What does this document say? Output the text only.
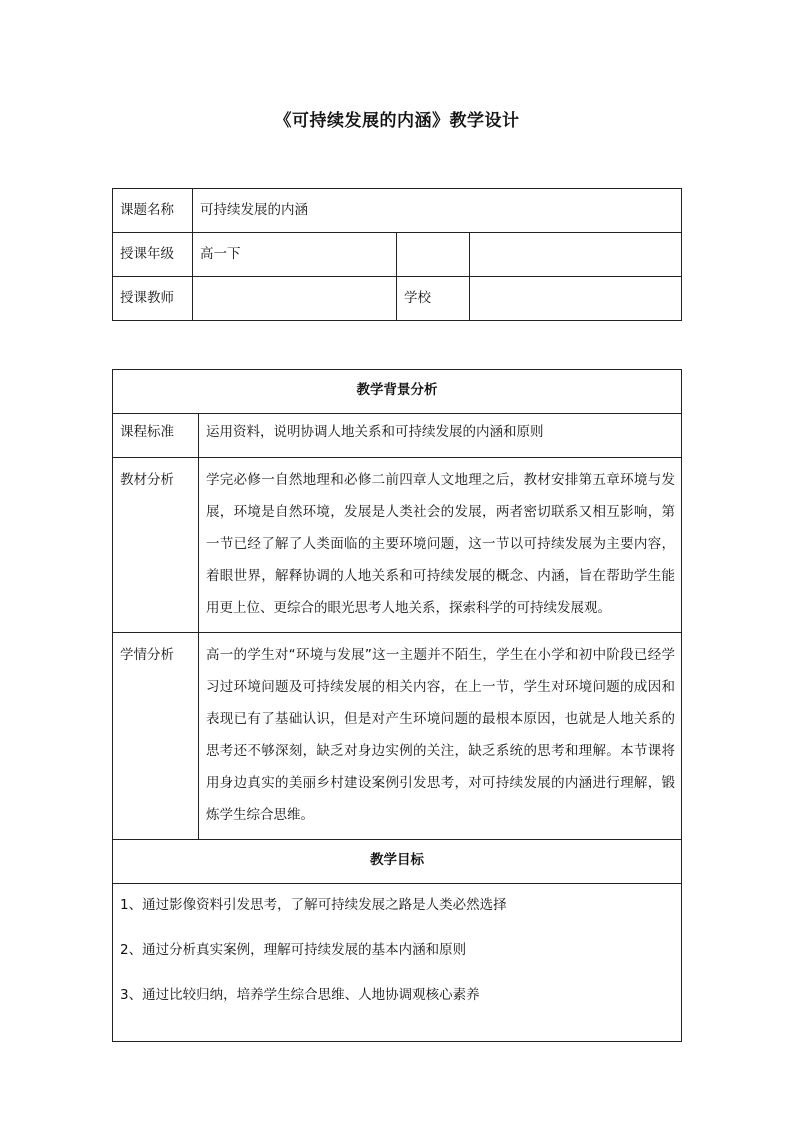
《可持续发展的内涵》教学设计
课题名称	可持续发展的内涵		
授课年级	高一下		
授课教师		学校	
教学背景分析	
课程标准	运用资料，说明协调人地关系和可持续发展的内涵和原则
教材分析	学完必修一自然地理和必修二前四章人文地理之后，教材安排第五章环境与发展，环境是自然环境，发展是人类社会的发展，两者密切联系又相互影响，第一节已经了解了人类面临的主要环境问题，这一节以可持续发展为主要内容，着眼世界，解释协调的人地关系和可持续发展的概念、内涵，旨在帮助学生能用更上位、更综合的眼光思考人地关系，探索科学的可持续发展观。
学情分析	高一的学生对“环境与发展”这一主题并不陌生，学生在小学和初中阶段已经学习过环境问题及可持续发展的相关内容，在上一节，学生对环境问题的成因和表现已有了基础认识，但是对产生环境问题的最根本原因，也就是人地关系的思考还不够深刻，缺乏对身边实例的关注，缺乏系统的思考和理解。本节课将用身边真实的美丽乡村建设案例引发思考，对可持续发展的内涵进行理解，锻炼学生综合思维。
教学目标	

1、通过影像资料引发思考，了解可持续发展之路是人类必然选择
2、通过分析真实案例，理解可持续发展的基本内涵和原则
3、通过比较归纳，培养学生综合思维、人地协调观核心素养	
